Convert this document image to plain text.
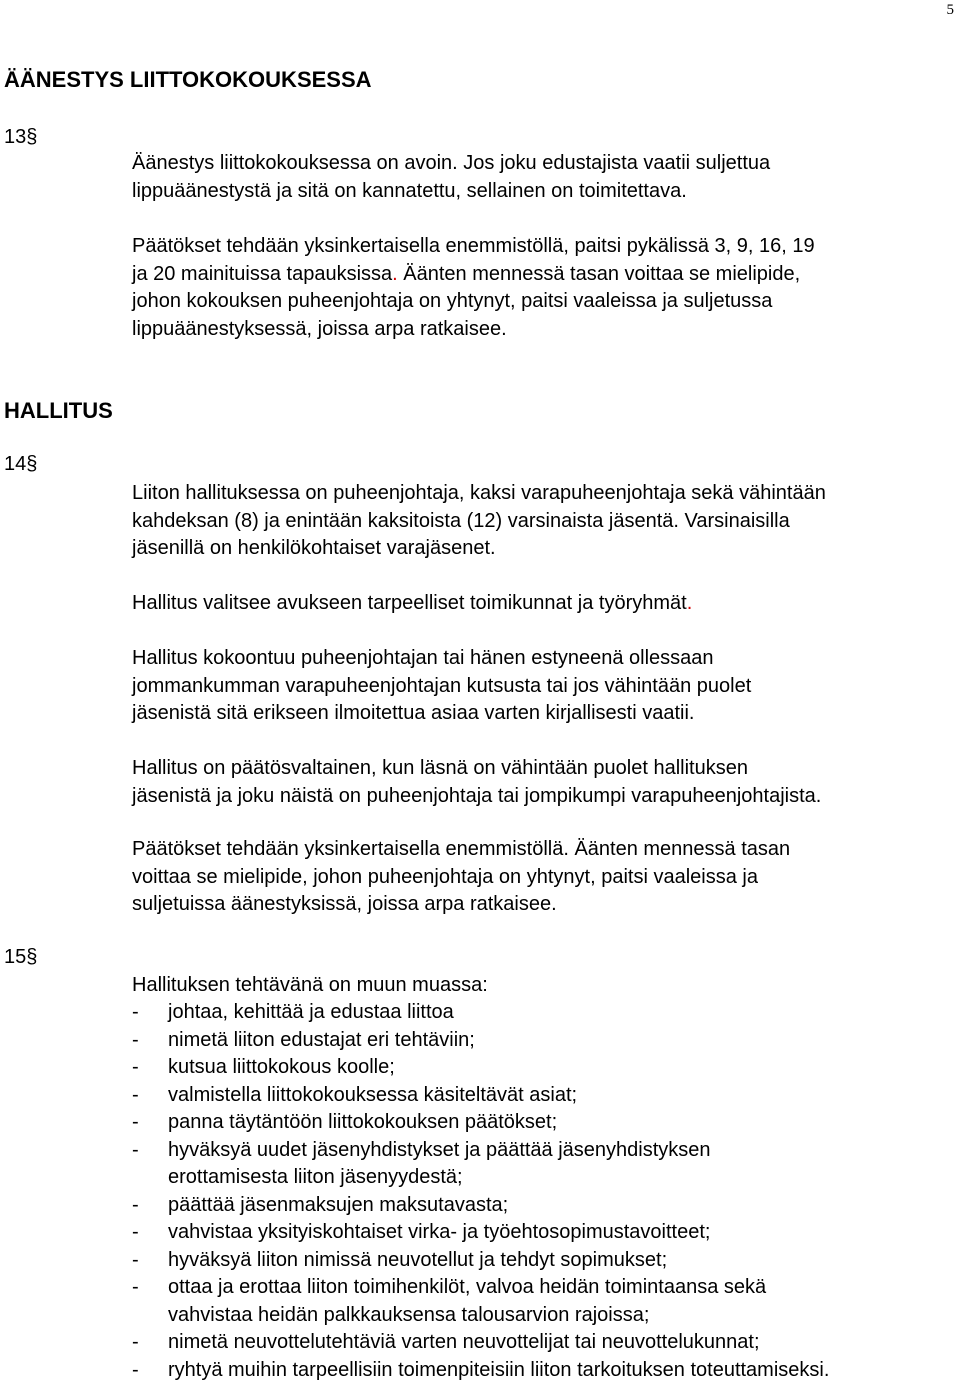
5
ÄÄNESTYS LIITTOKOKOUKSESSA
13§
Äänestys liittokokouksessa on avoin. Jos joku edustajista vaatii suljettua
lippuäänestystä ja sitä on kannatettu, sellainen on toimitettava.
Päätökset tehdään yksinkertaisella enemmistöllä, paitsi pykälissä 3, 9, 16, 19
ja 20 mainituissa tapauksissa. Äänten mennessä tasan voittaa se mielipide,
johon kokouksen puheenjohtaja on yhtynyt, paitsi vaaleissa ja suljetussa
lippuäänestyksessä, joissa arpa ratkaisee.
HALLITUS
14§
Liiton hallituksessa on puheenjohtaja, kaksi varapuheenjohtaja sekä vähintään
kahdeksan (8) ja enintään kaksitoista (12) varsinaista jäsentä. Varsinaisilla
jäsenillä on henkilökohtaiset varajäsenet.
Hallitus valitsee avukseen tarpeelliset toimikunnat ja työryhmät.
Hallitus kokoontuu puheenjohtajan tai hänen estyneenä ollessaan
jommankumman varapuheenjohtajan kutsusta tai jos vähintään puolet
jäsenistä sitä erikseen ilmoitettua asiaa varten kirjallisesti vaatii.
Hallitus on päätösvaltainen, kun läsnä on vähintään puolet hallituksen
jäsenistä ja joku näistä on puheenjohtaja tai jompikumpi varapuheenjohtajista.
Päätökset tehdään yksinkertaisella enemmistöllä. Äänten mennessä tasan
voittaa se mielipide, johon puheenjohtaja on yhtynyt, paitsi vaaleissa ja
suljetuissa äänestyksissä, joissa arpa ratkaisee.
15§
Hallituksen tehtävänä on muun muassa:
- johtaa, kehittää ja edustaa liittoa
- nimetä liiton edustajat eri tehtäviin;
- kutsua liittokokous koolle;
- valmistella liittokokouksessa käsiteltävät asiat;
- panna täytäntöön liittokokouksen päätökset;
- hyväksyä uudet jäsenyhdistykset ja päättää jäsenyhdistyksen
erottamisesta liiton jäsenyydestä;
- päättää jäsenmaksujen maksutavasta;
- vahvistaa yksityiskohtaiset virka- ja työehtosopimustavoitteet;
- hyväksyä liiton nimissä neuvotellut ja tehdyt sopimukset;
- ottaa ja erottaa liiton toimihenkilöt, valvoa heidän toimintaansa sekä
vahvistaa heidän palkkauksensa talousarvion rajoissa;
- nimetä neuvottelutehtäviä varten neuvottelijat tai neuvottelukunnat;
- ryhtyä muihin tarpeellisiin toimenpiteisiin liiton tarkoituksen toteuttamiseksi.
